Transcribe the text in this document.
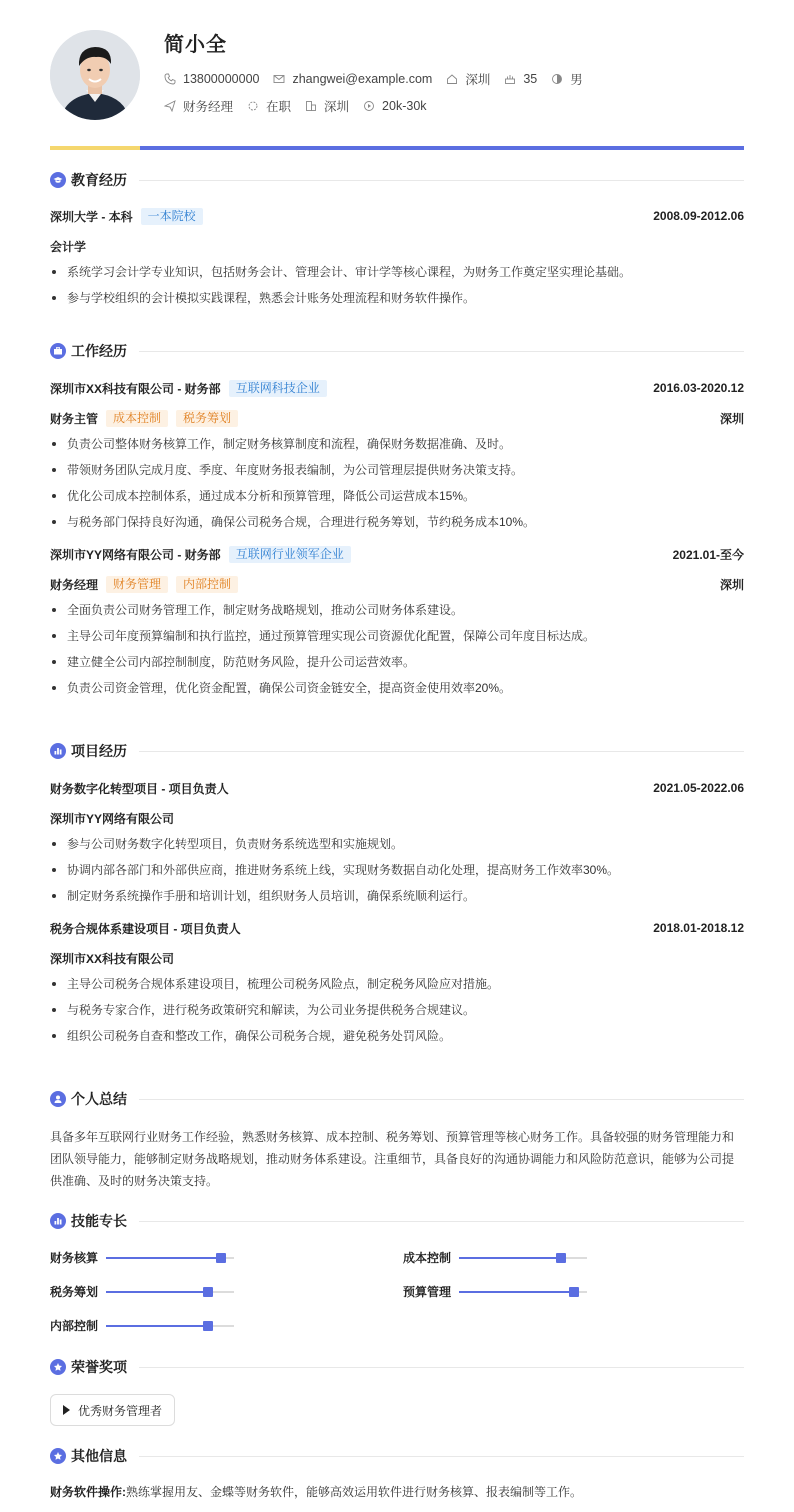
简小全
13800000000	zhangwei@example.com	深圳	35	男
财务经理	在职	深圳	20k-30k
教育经历
深圳大学 - 本科	一本院校	2008.09-2012.06
会计学
系统学习会计学专业知识，包括财务会计、管理会计、审计学等核心课程，为财务工作奠定坚实理论基础。
参与学校组织的会计模拟实践课程，熟悉会计账务处理流程和财务软件操作。
工作经历
深圳市XX科技有限公司 - 财务部	互联网科技企业	2016.03-2020.12
财务主管	成本控制	税务筹划	深圳
负责公司整体财务核算工作，制定财务核算制度和流程，确保财务数据准确、及时。
带领财务团队完成月度、季度、年度财务报表编制，为公司管理层提供财务决策支持。
优化公司成本控制体系，通过成本分析和预算管理，降低公司运营成本15%。
与税务部门保持良好沟通，确保公司税务合规，合理进行税务筹划，节约税务成本10%。
深圳市YY网络有限公司 - 财务部	互联网行业领军企业	2021.01-至今
财务经理	财务管理	内部控制	深圳
全面负责公司财务管理工作，制定财务战略规划，推动公司财务体系建设。
主导公司年度预算编制和执行监控，通过预算管理实现公司资源优化配置，保障公司年度目标达成。
建立健全公司内部控制制度，防范财务风险，提升公司运营效率。
负责公司资金管理，优化资金配置，确保公司资金链安全，提高资金使用效率20%。
项目经历
财务数字化转型项目 - 项目负责人	2021.05-2022.06
深圳市YY网络有限公司
参与公司财务数字化转型项目，负责财务系统选型和实施规划。
协调内部各部门和外部供应商，推进财务系统上线，实现财务数据自动化处理，提高财务工作效率30%。
制定财务系统操作手册和培训计划，组织财务人员培训，确保系统顺利运行。
税务合规体系建设项目 - 项目负责人	2018.01-2018.12
深圳市XX科技有限公司
主导公司税务合规体系建设项目，梳理公司税务风险点，制定税务风险应对措施。
与税务专家合作，进行税务政策研究和解读，为公司业务提供税务合规建议。
组织公司税务自查和整改工作，确保公司税务合规，避免税务处罚风险。
个人总结
具备多年互联网行业财务工作经验，熟悉财务核算、成本控制、税务筹划、预算管理等核心财务工作。具备较强的财务管理能力和
团队领导能力，能够制定财务战略规划，推动财务体系建设。注重细节，具备良好的沟通协调能力和风险防范意识，能够为公司提
供准确、及时的财务决策支持。
技能专长
财务核算	成本控制
税务筹划	预算管理
内部控制
荣誉奖项
优秀财务管理者
其他信息
财务软件操作:熟练掌握用友、金蝶等财务软件，能够高效运用软件进行财务核算、报表编制等工作。
